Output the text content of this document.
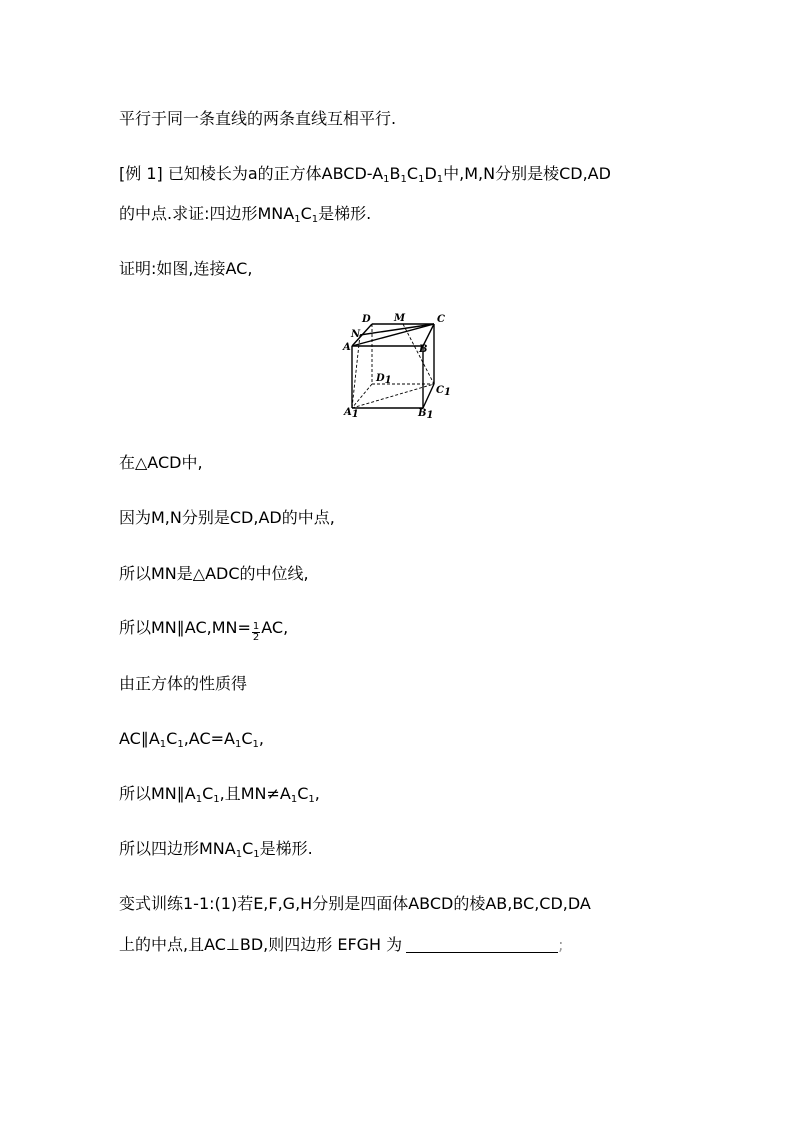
平行于同一条直线的两条直线互相平行.
[例 1] 已知棱长为a的正方体ABCD-$A_1B_1C_1D_1$中,M,N分别是棱CD,AD
的中点.求证:四边形$MNA_1C_1$是梯形.
证明:如图,连接AC,
D M	C
N
A	B
D1
C1
A1	B1
在△ACD中,
因为M,N分别是CD,AD的中点,
所以MN是△ADC的中位线,
所以MN∥AC,MN= $\frac{1}{2}$ AC,
由正方体的性质得
$AC\parallel A_1C_1,AC=A_1C_1$,
所以$MN\parallel A_1C_1$,且$MN\ne A_1C_1$,
所以四边形$MNA_1C_1$是梯形.
变式训练1-1:(1)若E,F,G,H分别是四面体ABCD的棱AB,BC,CD,DA
上的中点,且AC⊥BD,则四边形 EFGH 为	;
